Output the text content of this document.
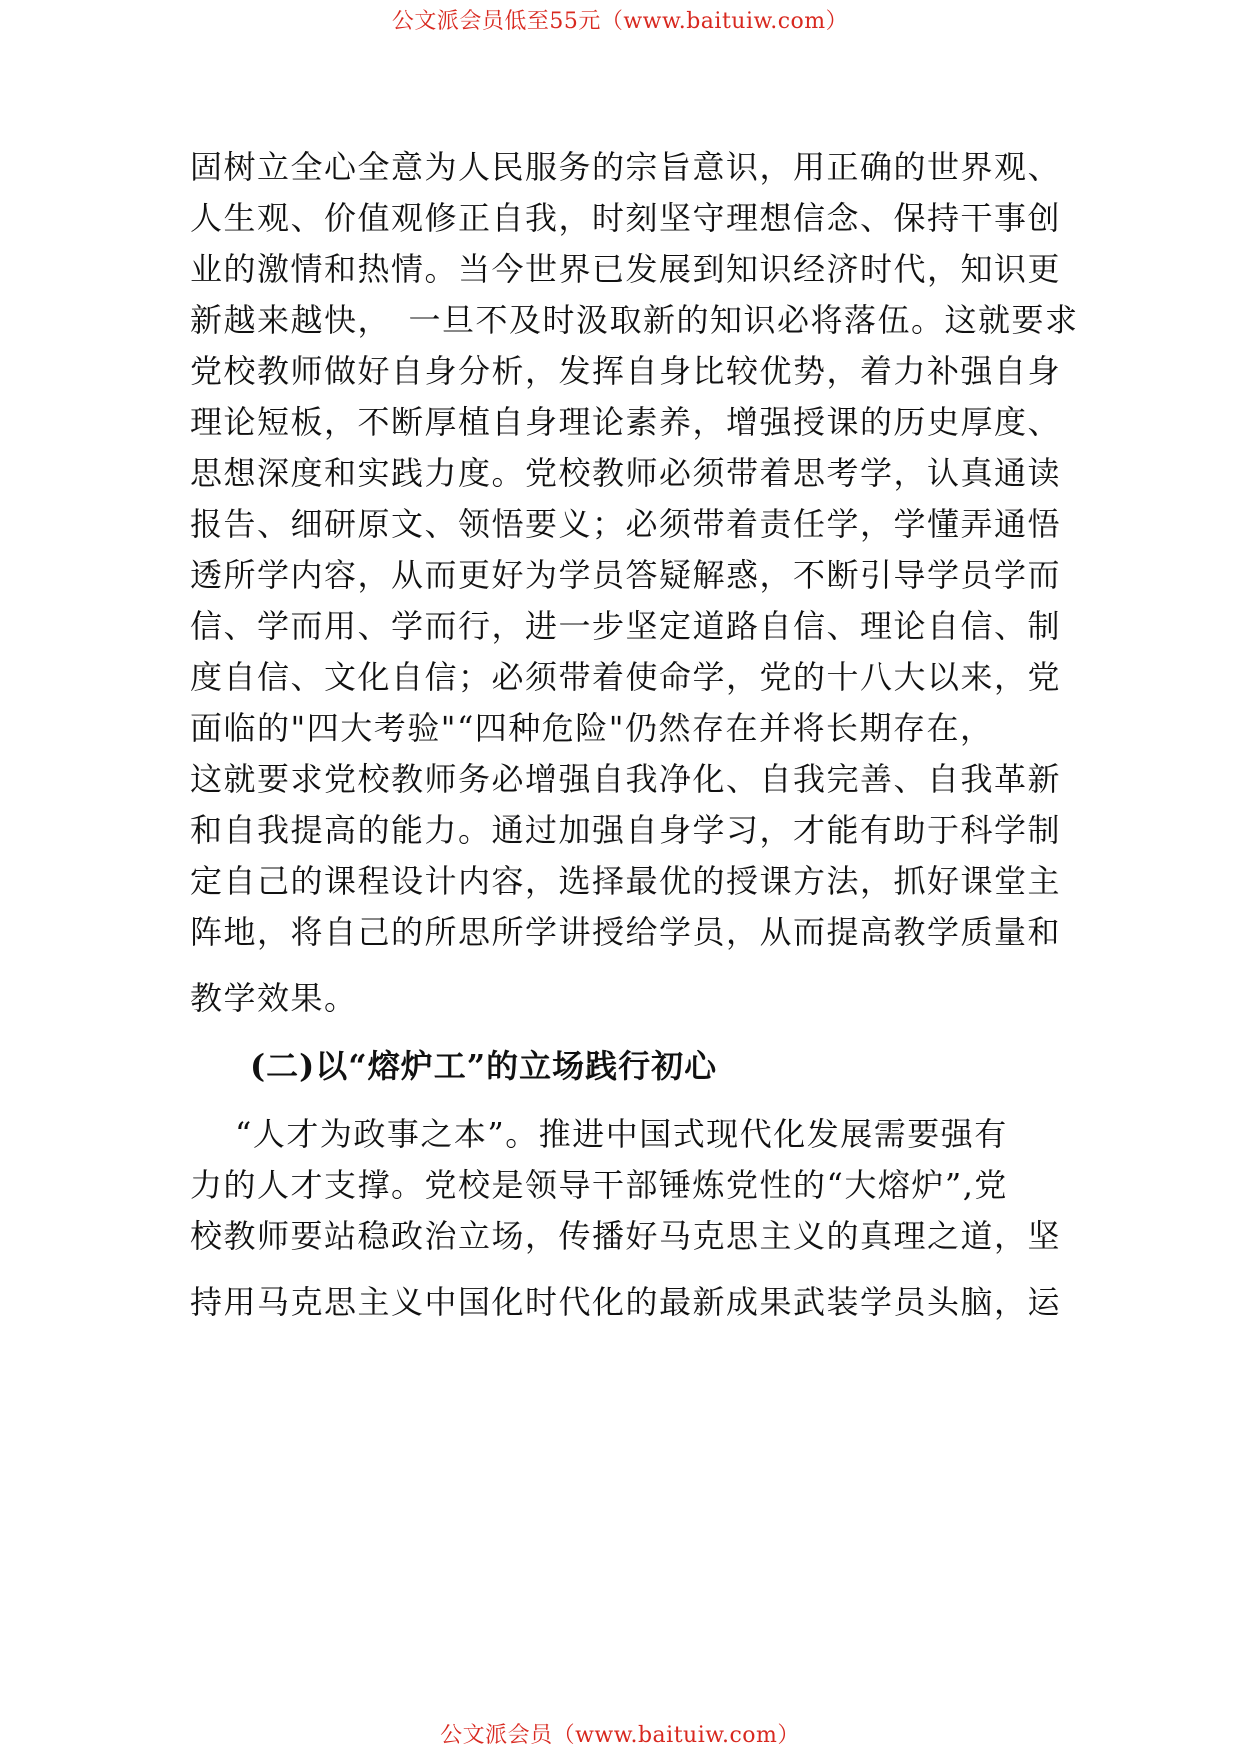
公文派会员低至55元（www.baituiw.com）
固树立全心全意为人民服务的宗旨意识，用正确的世界观、
人生观、价值观修正自我，时刻坚守理想信念、保持干事创
业的激情和热情。当今世界已发展到知识经济时代，知识更
新越来越快，　一旦不及时汲取新的知识必将落伍。这就要求
党校教师做好自身分析，发挥自身比较优势，着力补强自身
理论短板，不断厚植自身理论素养，增强授课的历史厚度、
思想深度和实践力度。党校教师必须带着思考学，认真通读
报告、细研原文、领悟要义；必须带着责任学，学懂弄通悟
透所学内容，从而更好为学员答疑解惑，不断引导学员学而
信、学而用、学而行，进一步坚定道路自信、理论自信、制
度自信、文化自信；必须带着使命学，党的十八大以来，党
面临的"四大考验"“四种危险"仍然存在并将长期存在，
这就要求党校教师务必增强自我净化、自我完善、自我革新
和自我提高的能力。通过加强自身学习，才能有助于科学制
定自己的课程设计内容，选择最优的授课方法，抓好课堂主
阵地，将自己的所思所学讲授给学员，从而提高教学质量和
教学效果。
(二)以“熔炉工”的立场践行初心
“人才为政事之本”。推进中国式现代化发展需要强有
力的人才支撑。党校是领导干部锤炼党性的“大熔炉”,党
校教师要站稳政治立场，传播好马克思主义的真理之道，坚
持用马克思主义中国化时代化的最新成果武装学员头脑，运
公文派会员（www.baituiw.com）
